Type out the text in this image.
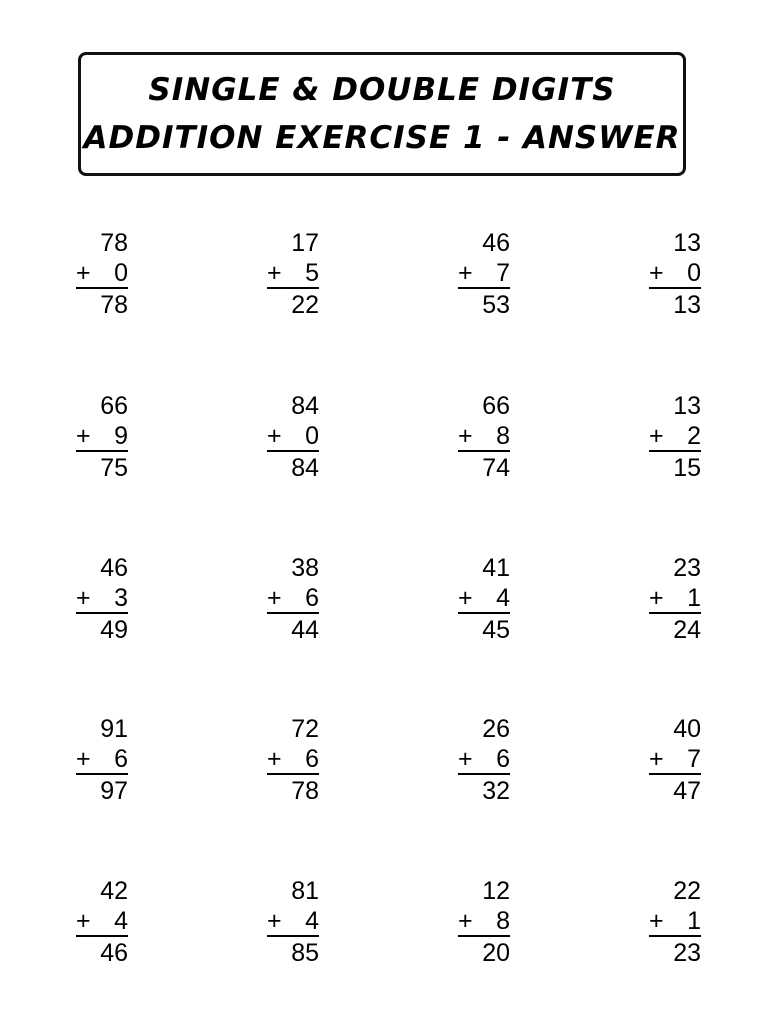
SINGLE & DOUBLE DIGITS
ADDITION EXERCISE 1 - ANSWER
78
+ 0
78
17
+ 5
22
46
+ 7
53
13
+ 0
13
66
+ 9
75
84
+ 0
84
66
+ 8
74
13
+ 2
15
46
+ 3
49
38
+ 6
44
41
+ 4
45
23
+ 1
24
91
+ 6
97
72
+ 6
78
26
+ 6
32
40
+ 7
47
42
+ 4
46
81
+ 4
85
12
+ 8
20
22
+ 1
23
